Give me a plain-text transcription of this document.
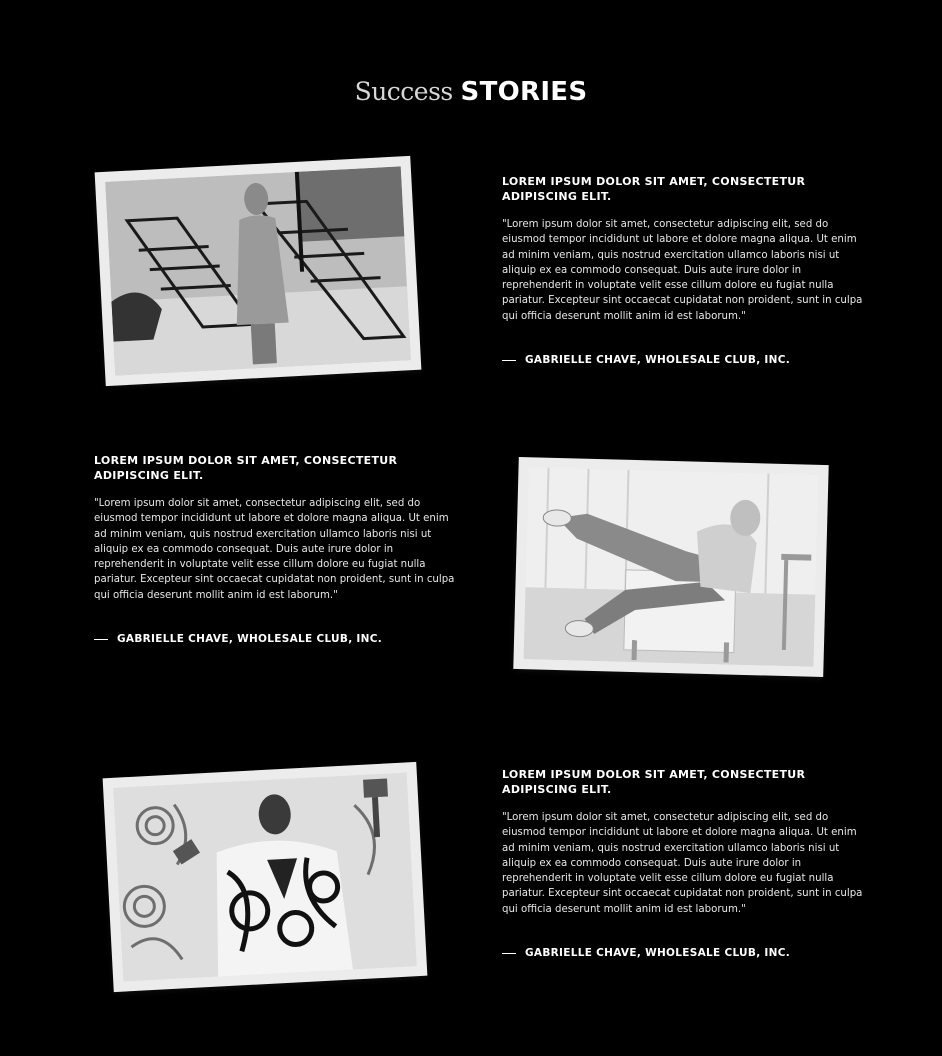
Success STORIES

LOREM IPSUM DOLOR SIT AMET, CONSECTETUR ADIPISCING ELIT.

"Lorem ipsum dolor sit amet, consectetur adipiscing elit, sed do eiusmod tempor incididunt ut labore et dolore magna aliqua. Ut enim ad minim veniam, quis nostrud exercitation ullamco laboris nisi ut aliquip ex ea commodo consequat. Duis aute irure dolor in reprehenderit in voluptate velit esse cillum dolore eu fugiat nulla pariatur. Excepteur sint occaecat cupidatat non proident, sunt in culpa qui officia deserunt mollit anim id est laborum."

GABRIELLE CHAVE, WHOLESALE CLUB, INC.

LOREM IPSUM DOLOR SIT AMET, CONSECTETUR ADIPISCING ELIT.

"Lorem ipsum dolor sit amet, consectetur adipiscing elit, sed do eiusmod tempor incididunt ut labore et dolore magna aliqua. Ut enim ad minim veniam, quis nostrud exercitation ullamco laboris nisi ut aliquip ex ea commodo consequat. Duis aute irure dolor in reprehenderit in voluptate velit esse cillum dolore eu fugiat nulla pariatur. Excepteur sint occaecat cupidatat non proident, sunt in culpa qui officia deserunt mollit anim id est laborum."

GABRIELLE CHAVE, WHOLESALE CLUB, INC.

LOREM IPSUM DOLOR SIT AMET, CONSECTETUR ADIPISCING ELIT.

"Lorem ipsum dolor sit amet, consectetur adipiscing elit, sed do eiusmod tempor incididunt ut labore et dolore magna aliqua. Ut enim ad minim veniam, quis nostrud exercitation ullamco laboris nisi ut aliquip ex ea commodo consequat. Duis aute irure dolor in reprehenderit in voluptate velit esse cillum dolore eu fugiat nulla pariatur. Excepteur sint occaecat cupidatat non proident, sunt in culpa qui officia deserunt mollit anim id est laborum."

GABRIELLE CHAVE, WHOLESALE CLUB, INC.
